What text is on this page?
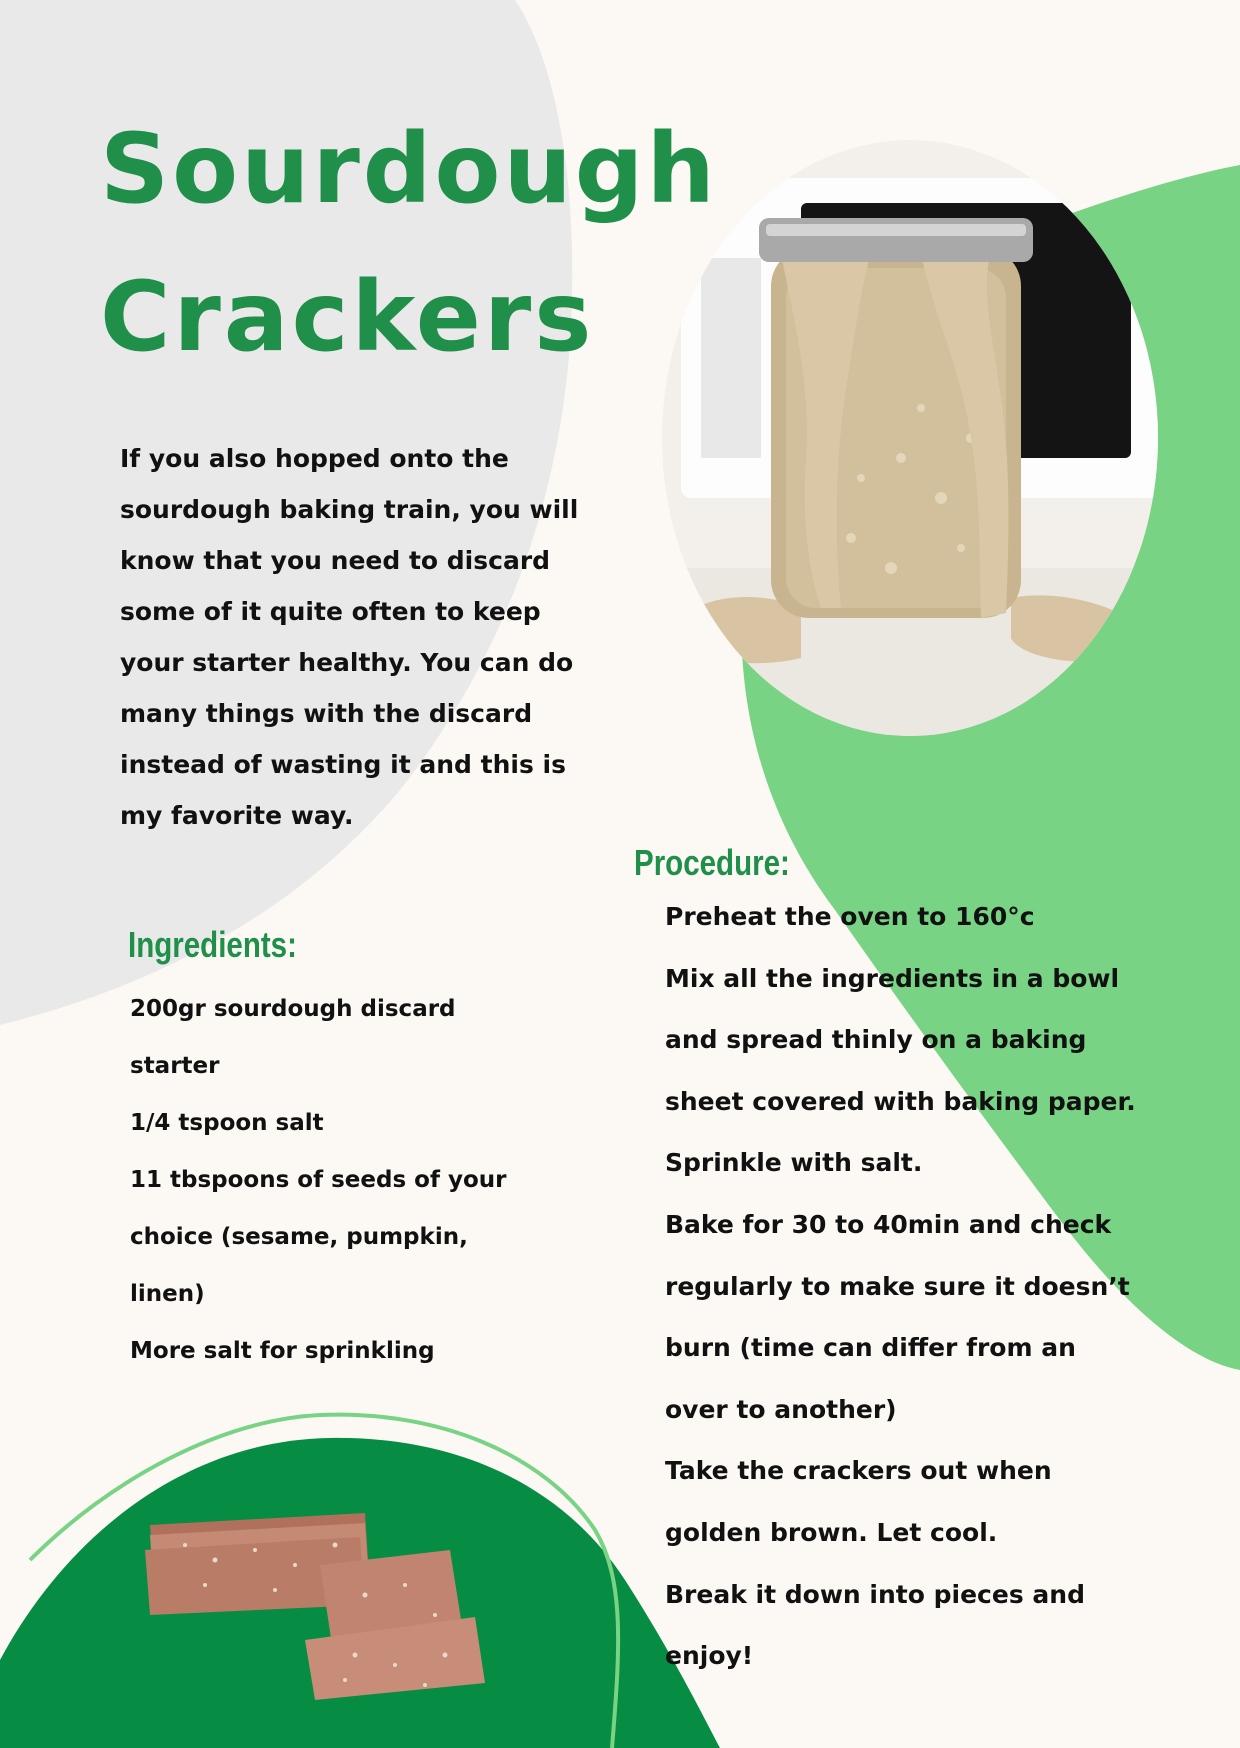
Sourdough
Crackers

If you also hopped onto the sourdough baking train, you will know that you need to discard some of it quite often to keep your starter healthy. You can do many things with the discard instead of wasting it and this is my favorite way.

Ingredients:
200gr sourdough discard starter
1/4 tspoon salt
11 tbspoons of seeds of your choice (sesame, pumpkin, linen)
More salt for sprinkling
Procedure:
Preheat the oven to 160°c
Mix all the ingredients in a bowl and spread thinly on a baking sheet covered with baking paper. Sprinkle with salt.
Bake for 30 to 40min and check regularly to make sure it doesn’t burn (time can differ from an over to another)
Take the crackers out when golden brown. Let cool.
Break it down into pieces and enjoy!
